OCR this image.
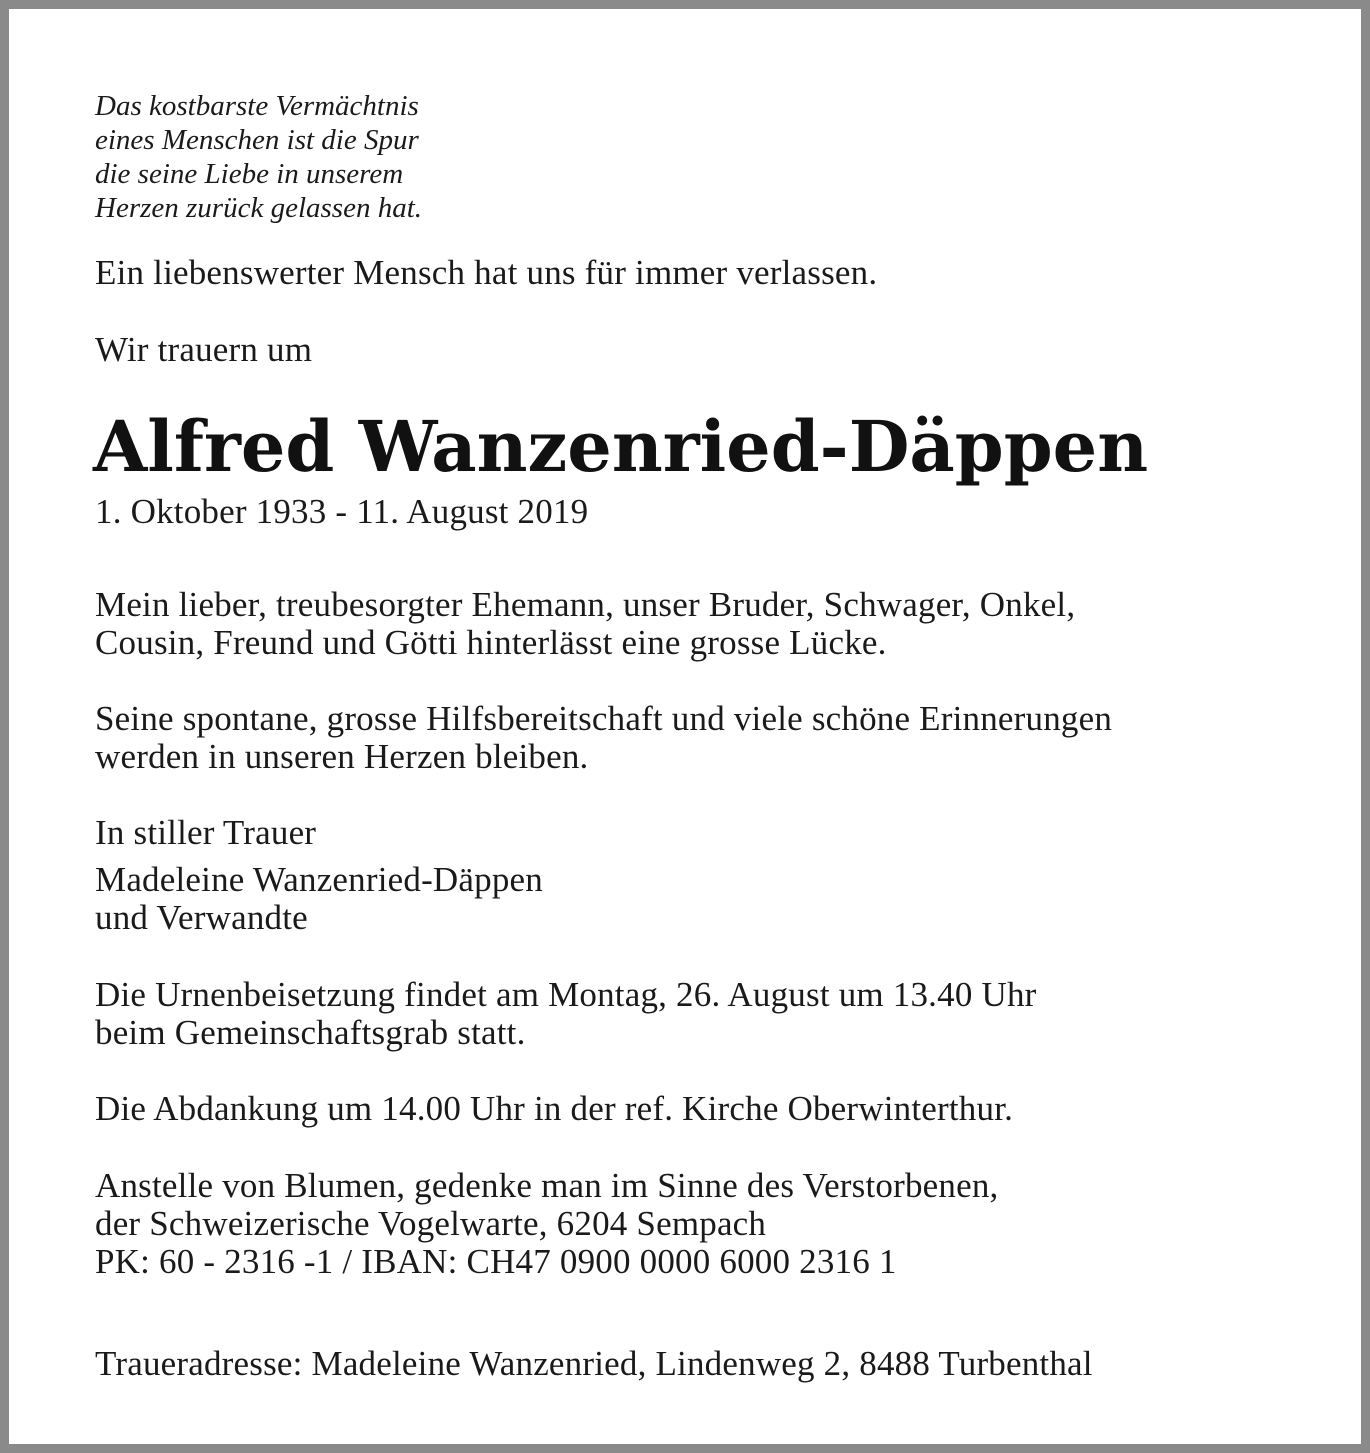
Das kostbarste Vermächtnis
eines Menschen ist die Spur
die seine Liebe in unserem
Herzen zurück gelassen hat.
Ein liebenswerter Mensch hat uns für immer verlassen.
Wir trauern um
Alfred Wanzenried-Däppen
1. Oktober 1933 - 11. August 2019
Mein lieber, treubesorgter Ehemann, unser Bruder, Schwager, Onkel,
Cousin, Freund und Götti hinterlässt eine grosse Lücke.
Seine spontane, grosse Hilfsbereitschaft und viele schöne Erinnerungen
werden in unseren Herzen bleiben.
In stiller Trauer
Madeleine Wanzenried-Däppen
und Verwandte
Die Urnenbeisetzung findet am Montag, 26. August um 13.40 Uhr
beim Gemeinschaftsgrab statt.
Die Abdankung um 14.00 Uhr in der ref. Kirche Oberwinterthur.
Anstelle von Blumen, gedenke man im Sinne des Verstorbenen,
der Schweizerische Vogelwarte, 6204 Sempach
PK: 60 - 2316 -1 / IBAN: CH47 0900 0000 6000 2316 1
Traueradresse: Madeleine Wanzenried, Lindenweg 2, 8488 Turbenthal
